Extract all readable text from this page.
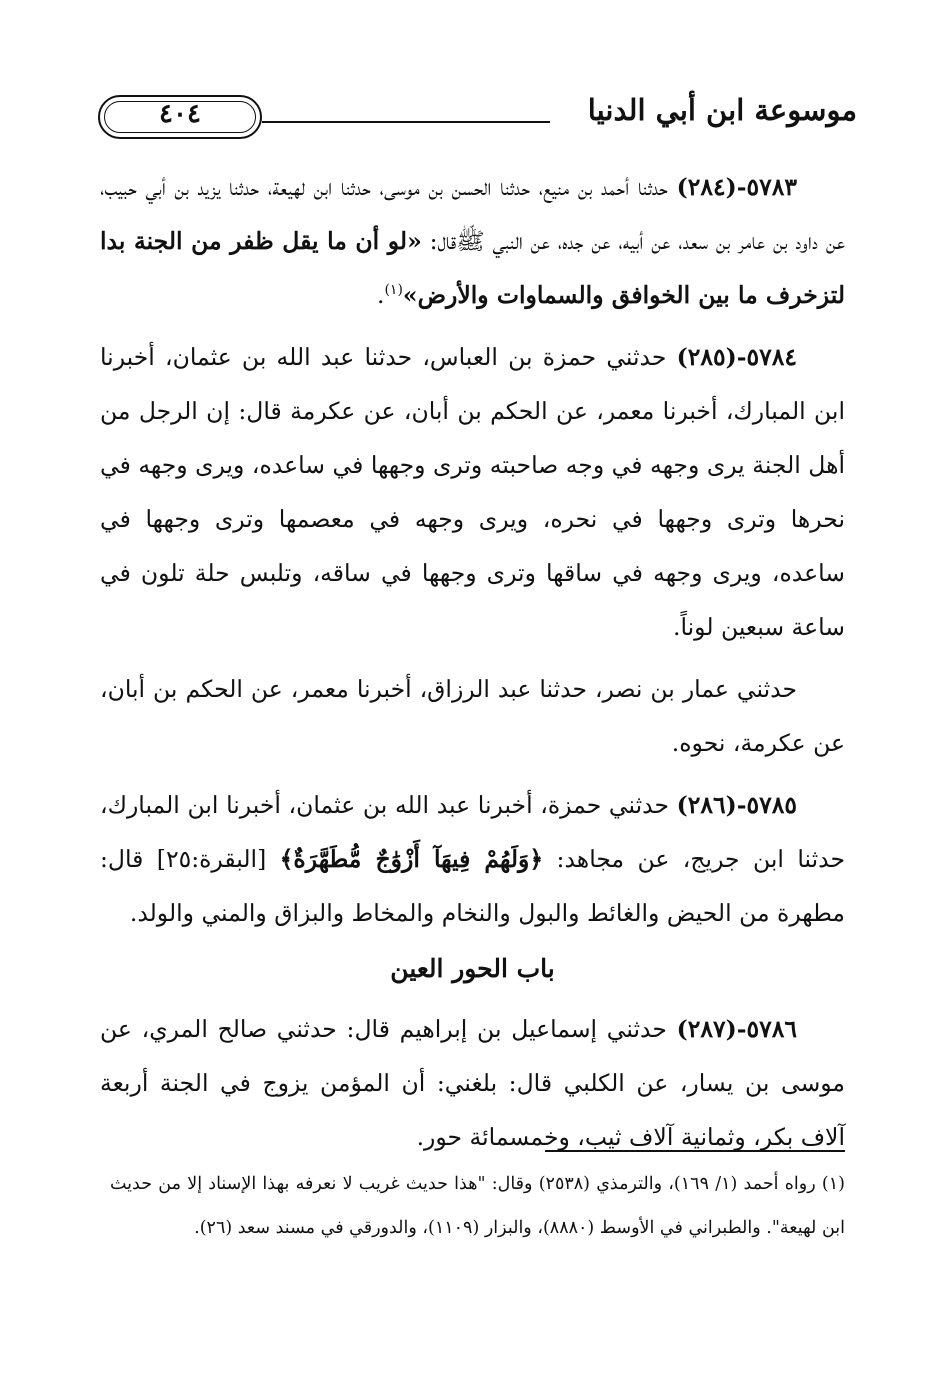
موسوعة ابن أبي الدنيا
٤٠٤

٥٧٨٣-(٢٨٤) حدثنا أحمد بن منيع، حدثنا الحسن بن موسى، حدثنا ابن لهيعة، حدثنا يزيد بن أبي حبيب، عن داود بن عامر بن سعد، عن أبيه، عن جده، عن النبي ﷺقال: «لو أن ما يقل ظفر من الجنة بدا لتزخرف ما بين الخوافق والسماوات والأرض»$^{(١)}$.

٥٧٨٤-(٢٨٥) حدثني حمزة بن العباس، حدثنا عبد الله بن عثمان، أخبرنا ابن المبارك، أخبرنا معمر، عن الحكم بن أبان، عن عكرمة قال: إن الرجل من أهل الجنة يرى وجهه في وجه صاحبته وترى وجهها في ساعده، ويرى وجهه في نحرها وترى وجهها في نحره، ويرى وجهه في معصمها وترى وجهها في ساعده، ويرى وجهه في ساقها وترى وجهها في ساقه، وتلبس حلة تلون في ساعة سبعين لوناً.

حدثني عمار بن نصر، حدثنا عبد الرزاق، أخبرنا معمر، عن الحكم بن أبان، عن عكرمة، نحوه.

٥٧٨٥-(٢٨٦) حدثني حمزة، أخبرنا عبد الله بن عثمان، أخبرنا ابن المبارك، حدثنا ابن جريج، عن مجاهد: ﴿وَلَهُمْ فِيهَآ أَزْوَٰجٌ مُّطَهَّرَةٌ﴾ [البقرة:٢٥] قال: مطهرة من الحيض والغائط والبول والنخام والمخاط والبزاق والمني والولد.

باب الحور العين

٥٧٨٦-(٢٨٧) حدثني إسماعيل بن إبراهيم قال: حدثني صالح المري، عن موسى بن يسار، عن الكلبي قال: بلغني: أن المؤمن يزوج في الجنة أربعة آلاف بكر، وثمانية آلاف ثيب، وخمسمائة حور.

(١) رواه أحمد (١/ ١٦٩)، والترمذي (٢٥٣٨) وقال: "هذا حديث غريب لا نعرفه بهذا الإسناد إلا من حديث ابن لهيعة". والطبراني في الأوسط (٨٨٨٠)، والبزار (١١٠٩)، والدورقي في مسند سعد (٢٦).
